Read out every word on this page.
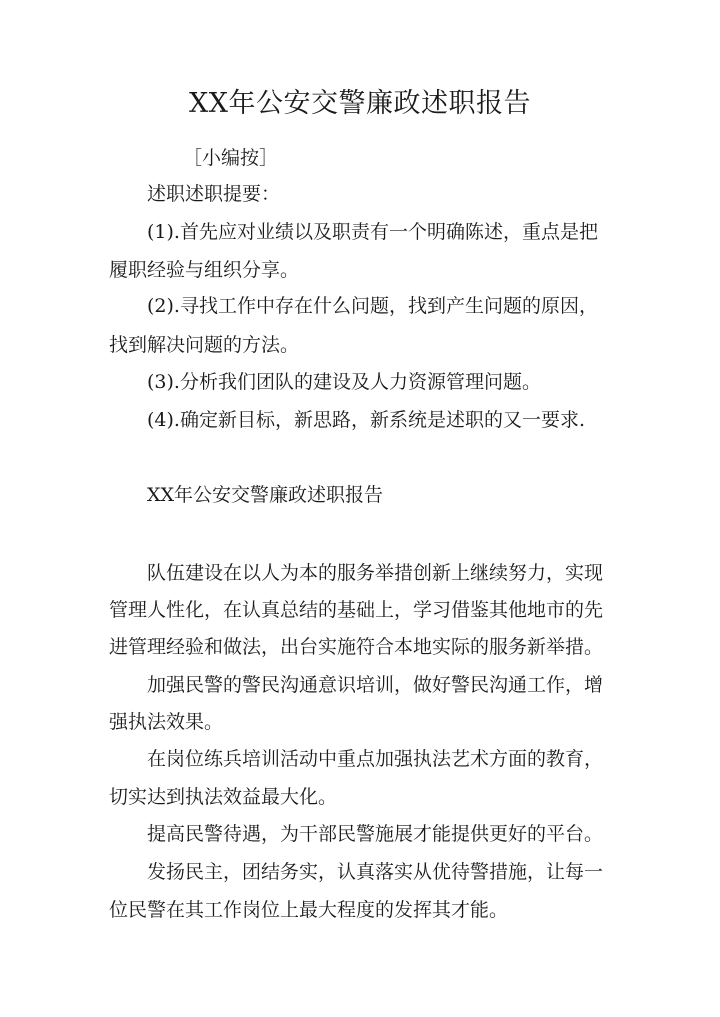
XX年公安交警廉政述职报告

［小编按］

述职述职提要：

(1).首先应对业绩以及职责有一个明确陈述，重点是把

履职经验与组织分享。

(2).寻找工作中存在什么问题，找到产生问题的原因，

找到解决问题的方法。

(3).分析我们团队的建设及人力资源管理问题。

(4).确定新目标，新思路，新系统是述职的又一要求.

XX年公安交警廉政述职报告

队伍建设在以人为本的服务举措创新上继续努力，实现

管理人性化，在认真总结的基础上，学习借鉴其他地市的先

进管理经验和做法，出台实施符合本地实际的服务新举措。

加强民警的警民沟通意识培训，做好警民沟通工作，增

强执法效果。

在岗位练兵培训活动中重点加强执法艺术方面的教育，

切实达到执法效益最大化。

提高民警待遇，为干部民警施展才能提供更好的平台。

发扬民主，团结务实，认真落实从优待警措施，让每一

位民警在其工作岗位上最大程度的发挥其才能。
